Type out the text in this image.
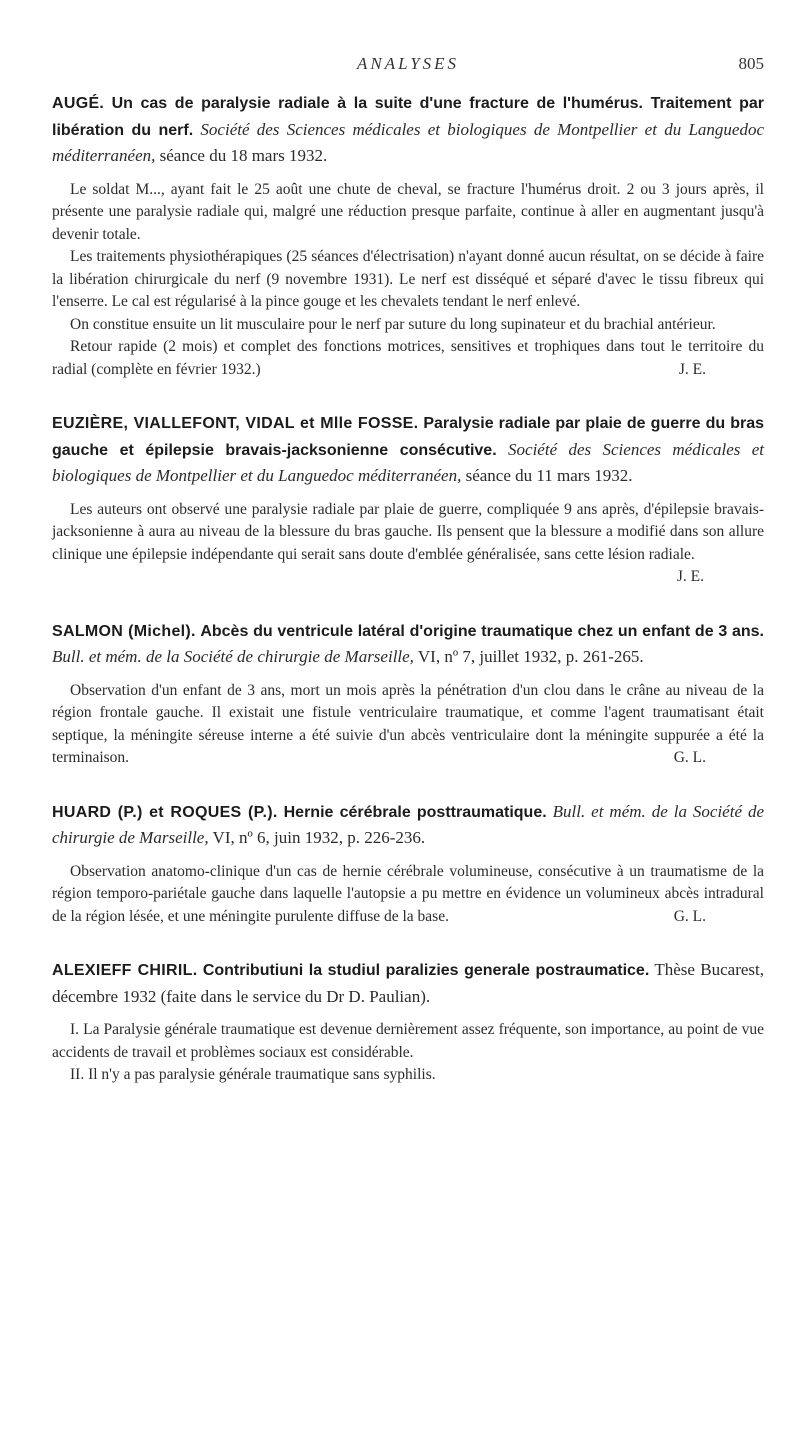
ANALYSES	805

AUGÉ. Un cas de paralysie radiale à la suite d'une fracture de l'humérus. Traitement par libération du nerf. Société des Sciences médicales et biologiques de Montpellier et du Languedoc méditerranéen, séance du 18 mars 1932.

Le soldat M..., ayant fait le 25 août une chute de cheval, se fracture l'humérus droit. 2 ou 3 jours après, il présente une paralysie radiale qui, malgré une réduction presque parfaite, continue à aller en augmentant jusqu'à devenir totale.

Les traitements physiothérapiques (25 séances d'électrisation) n'ayant donné aucun résultat, on se décide à faire la libération chirurgicale du nerf (9 novembre 1931). Le nerf est disséqué et séparé d'avec le tissu fibreux qui l'enserre. Le cal est régularisé à la pince gouge et les chevalets tendant le nerf enlevé.

On constitue ensuite un lit musculaire pour le nerf par suture du long supinateur et du brachial antérieur.

Retour rapide (2 mois) et complet des fonctions motrices, sensitives et trophiques dans tout le territoire du radial (complète en février 1932.)	J. E.

EUZIÈRE, VIALLEFONT, VIDAL et Mlle FOSSE. Paralysie radiale par plaie de guerre du bras gauche et épilepsie bravais-jacksonienne consécutive. Société des Sciences médicales et biologiques de Montpellier et du Languedoc méditerranéen, séance du 11 mars 1932.

Les auteurs ont observé une paralysie radiale par plaie de guerre, compliquée 9 ans après, d'épilepsie bravais-jacksonienne à aura au niveau de la blessure du bras gauche. Ils pensent que la blessure a modifié dans son allure clinique une épilepsie indépendante qui serait sans doute d'emblée généralisée, sans cette lésion radiale.

J. E.

SALMON (Michel). Abcès du ventricule latéral d'origine traumatique chez un enfant de 3 ans. Bull. et mém. de la Société de chirurgie de Marseille, VI, nº 7, juillet 1932, p. 261-265.

Observation d'un enfant de 3 ans, mort un mois après la pénétration d'un clou dans le crâne au niveau de la région frontale gauche. Il existait une fistule ventriculaire traumatique, et comme l'agent traumatisant était septique, la méningite séreuse interne a été suivie d'un abcès ventriculaire dont la méningite suppurée a été la terminaison.	G. L.

HUARD (P.) et ROQUES (P.). Hernie cérébrale posttraumatique. Bull. et mém. de la Société de chirurgie de Marseille, VI, nº 6, juin 1932, p. 226-236.

Observation anatomo-clinique d'un cas de hernie cérébrale volumineuse, consécutive à un traumatisme de la région temporo-pariétale gauche dans laquelle l'autopsie a pu mettre en évidence un volumineux abcès intradural de la région lésée, et une méningite purulente diffuse de la base.	G. L.

ALEXIEFF CHIRIL. Contributiuni la studiul paralizies generale postraumatice. Thèse Bucarest, décembre 1932 (faite dans le service du Dr D. Paulian).

I. La Paralysie générale traumatique est devenue dernièrement assez fréquente, son importance, au point de vue accidents de travail et problèmes sociaux est considérable.

II. Il n'y a pas paralysie générale traumatique sans syphilis.
